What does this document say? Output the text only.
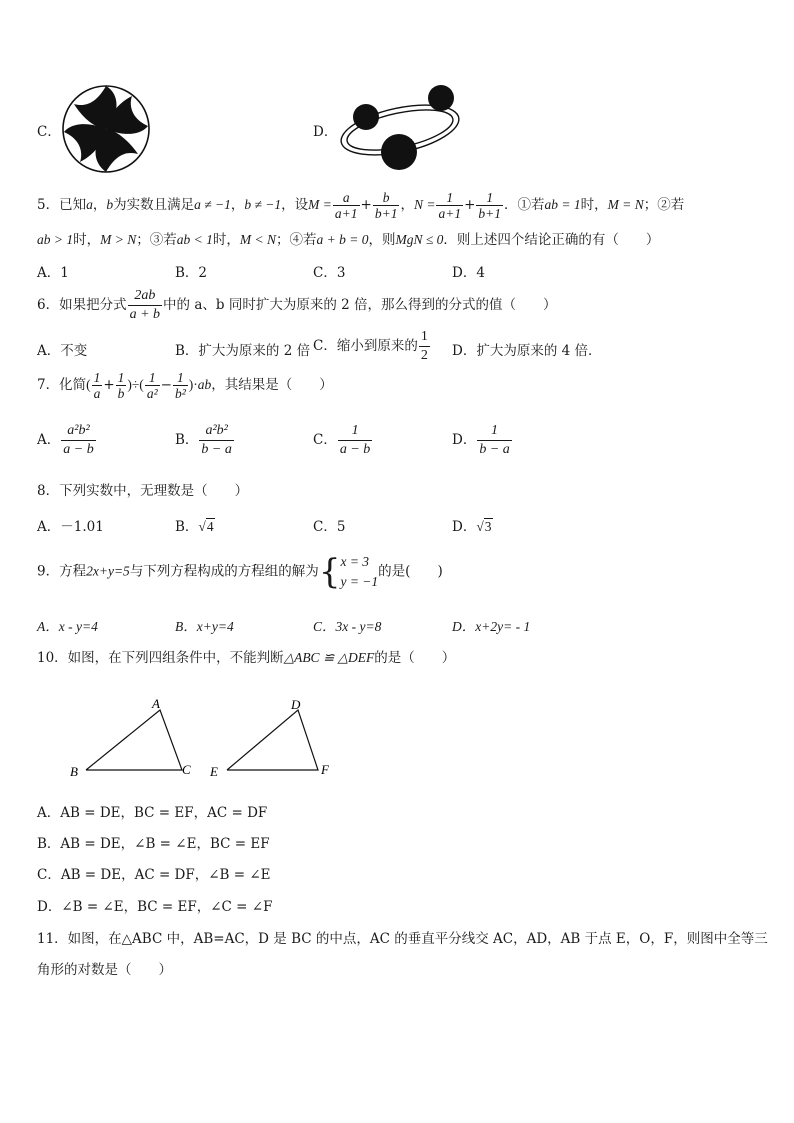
C．	D．
5．已知a，b为实数且满足a ≠ −1，b ≠ −1，设$M = \frac{a}{a+1} + \frac{b}{b+1}$ ，$N = \frac{1}{a+1} + \frac{1}{b+1}$ ．①若ab = 1时，M = N；②若
ab > 1时，M > N；③若ab < 1时，M < N；④若a + b = 0，则MgN ≤ 0．则上述四个结论正确的有（　　）
A．1	B．2	C．3	D．4
6．如果把分式 $\frac{2ab}{a + b}$ 中的 a、b 同时扩大为原来的 2 倍，那么得到的分式的值（　　）
A．不变	B．扩大为原来的 2 倍 C．缩小到原来的 $\frac{1}{2}$ D．扩大为原来的 4 倍．
7．化简( $\frac{1}{a} + \frac{1}{b}$ )÷( $\frac{1}{\text{a²}} - \frac{1}{\text{b²}} )\cdot ab$，其结果是（　　）
A． $\frac{\text{a²b²}}{a - b}$	B． $\frac{\text{a²b²}}{b - a}$	C． $\frac{1}{a - b}$	D． $\frac{1}{b - a}$
8．下列实数中，无理数是（　　）
A．－1.01	B．√4	C．5	D．√3
9．方程2x+y=5与下列方程构成的方程组的解为{ x = 3
y = −1
的是(　　)
A．x - y=4	B．x+y=4	C．3x - y=8	D．x+2y= - 1
10．如图，在下列四组条件中，不能判断△ABC ≌ △DEF的是（　　）
A
B	C
D
E	F
A．AB = DE，BC = EF，AC = DF
B．AB = DE，∠B = ∠E，BC = EF
C．AB = DE，AC = DF，∠B = ∠E
D．∠B = ∠E，BC = EF，∠C = ∠F
11．如图，在△ABC 中，AB=AC，D 是 BC 的中点，AC 的垂直平分线交 AC，AD，AB 于点 E，O，F，则图中全等三
角形的对数是（　　）
